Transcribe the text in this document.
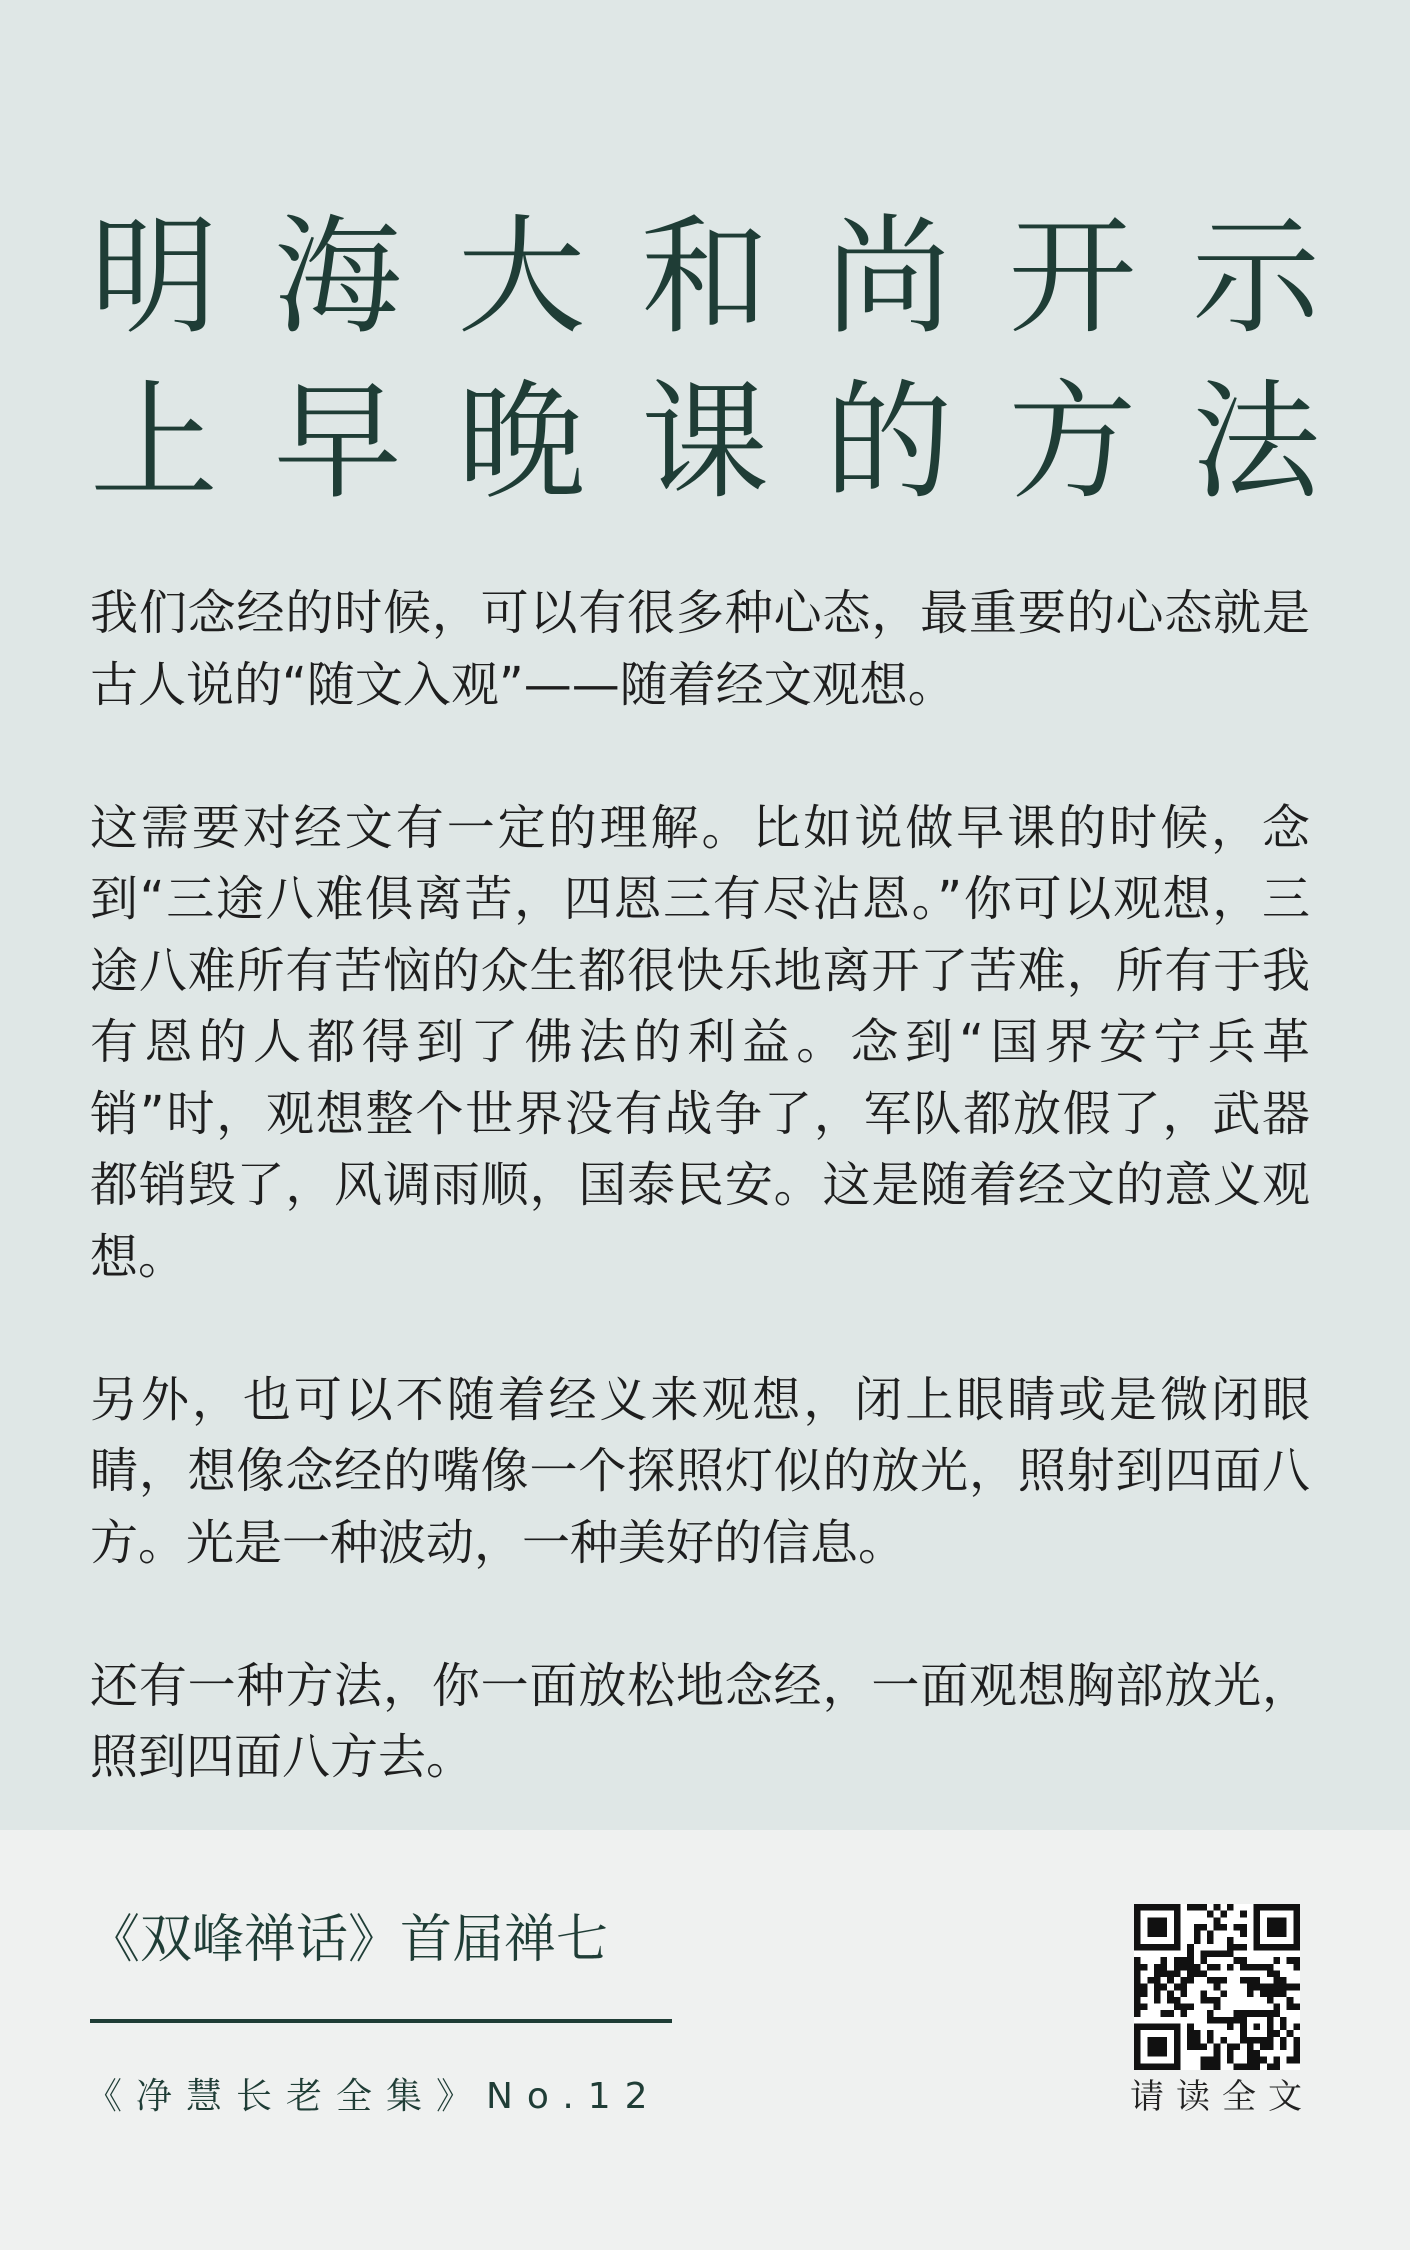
明海大和尚开示
上早晚课的方法

我们念经的时候，可以有很多种心态，最重要的心态就是古人说的“随文入观”——随着经文观想。

这需要对经文有一定的理解。比如说做早课的时候，念到“三途八难俱离苦，四恩三有尽沾恩。”你可以观想，三途八难所有苦恼的众生都很快乐地离开了苦难，所有于我有恩的人都得到了佛法的利益。念到“国界安宁兵革销”时，观想整个世界没有战争了，军队都放假了，武器都销毁了，风调雨顺，国泰民安。这是随着经文的意义观想。

另外，也可以不随着经义来观想，闭上眼睛或是微闭眼睛，想像念经的嘴像一个探照灯似的放光，照射到四面八方。光是一种波动，一种美好的信息。

还有一种方法，你一面放松地念经，一面观想胸部放光，照到四面八方去。

《双峰禅话》首届禅七
《净慧长老全集》No.12	请读全文
